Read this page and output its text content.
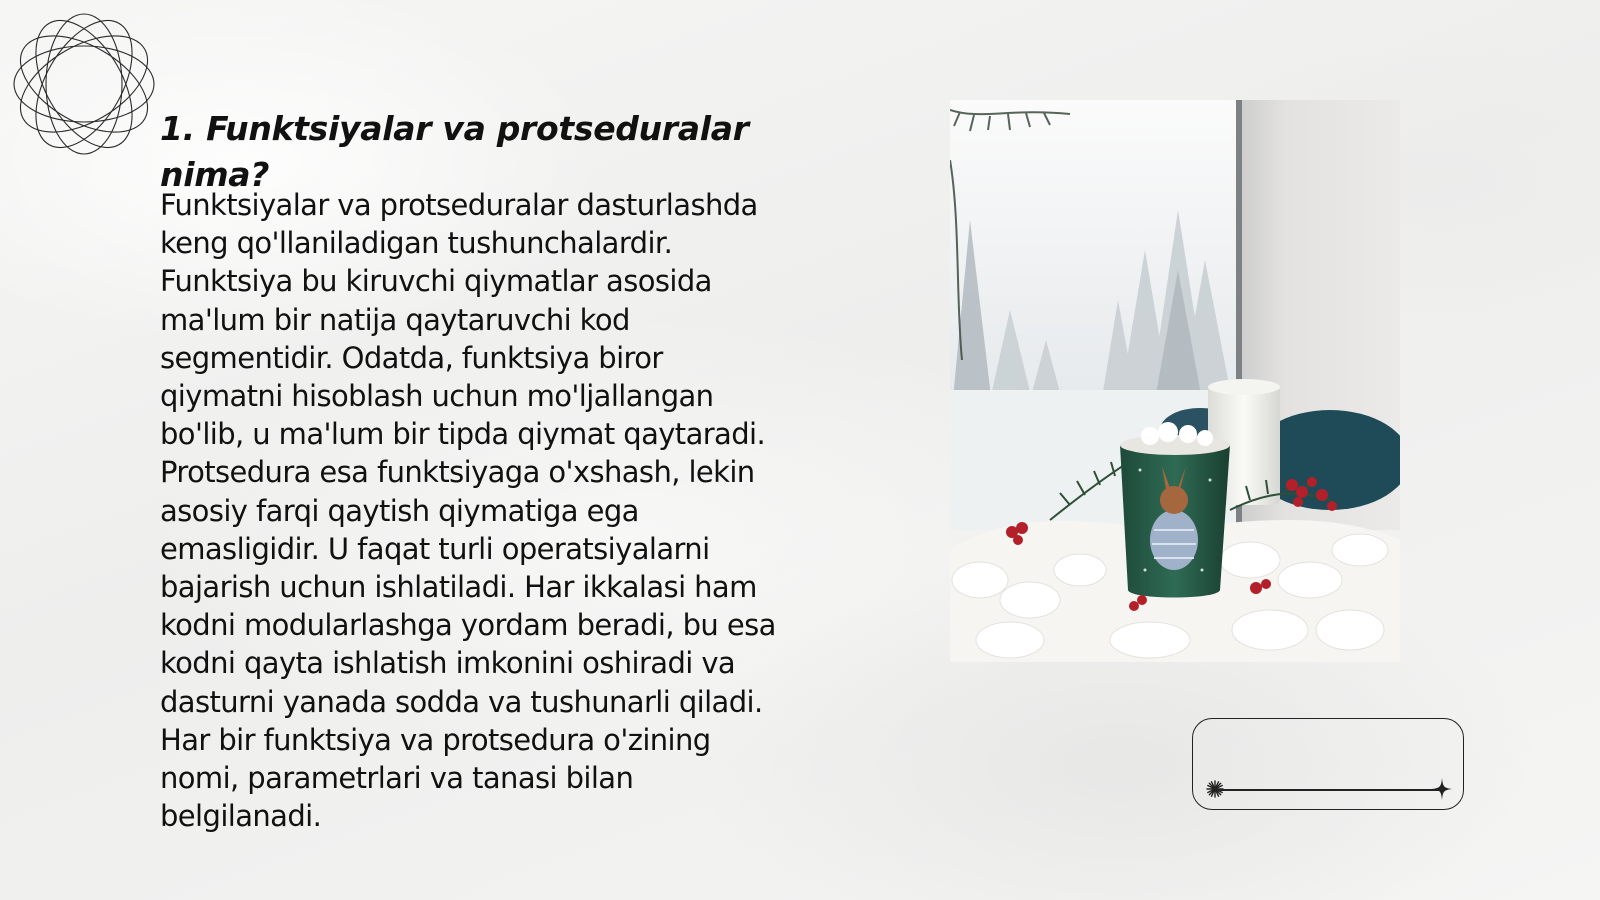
1. Funktsiyalar va protseduralar nima?

Funktsiyalar va protseduralar dasturlashda
keng qo'llaniladigan tushunchalardir.
Funktsiya bu kiruvchi qiymatlar asosida
ma'lum bir natija qaytaruvchi kod
segmentidir. Odatda, funktsiya biror
qiymatni hisoblash uchun mo'ljallangan
bo'lib, u ma'lum bir tipda qiymat qaytaradi.
Protsedura esa funktsiyaga o'xshash, lekin
asosiy farqi qaytish qiymatiga ega
emasligidir. U faqat turli operatsiyalarni
bajarish uchun ishlatiladi. Har ikkalasi ham
kodni modularlashga yordam beradi, bu esa
kodni qayta ishlatish imkonini oshiradi va
dasturni yanada sodda va tushunarli qiladi.
Har bir funktsiya va protsedura o'zining
nomi, parametrlari va tanasi bilan
belgilanadi.
